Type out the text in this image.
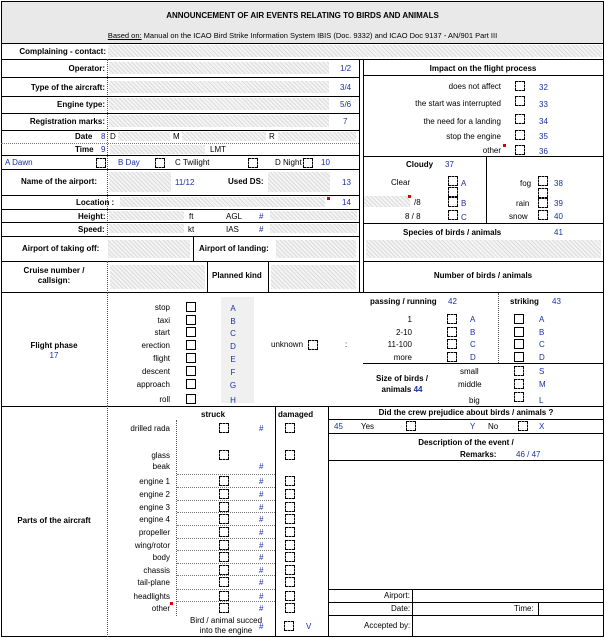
ANNOUNCEMENT OF AIR EVENTS RELATING TO BIRDS AND ANIMALS
Based on: Manual on the ICAO Bird Strike Information System IBIS (Doc. 9332) and ICAO Doc 9137 - AN/901 Part III
Complaining - contact:
Operator:	1/2
Type of the aircraft:	3/4
Engine type:	5/6
Registration marks:	7
Date 8 D	M	R
Time 9	LMT
A Dawn	B Day	C Twilight	D Night 10
Name of the airport:	11/12	Used DS:	13
Location :	14
Height:	ft	AGL #
Speed:	kt	IAS	#
Airport of taking off:	Airport of landing:
Cruise number /
callsign:
Planned kind
Impact on the flight process
does not affect	32
the start was interrupted	33
the need for a landing	34
stop the engine	35
other	36
Cloudy 37
Clear	A
/8	B
8 / 8	C
fog	38
rain	39
snow	40
Species of birds / animals	41
Number of birds / animals
Flight phase
17
stop	A
taxi	B
start	C
erection	D
flight	E
descent	F
approach	G
roll	H
unknown	:
passing / running 42	striking 43
1	A	A
2-10	B	B
11-100	C	C
more	D	D
Size of birds /
animals 44
small	S
middle	M
big	L
Parts of the aircraft
struck	damaged
drilled rada	#
glass
beak	#
engine 1	#
engine 2	#
engine 3	#
engine 4	#
propeller	#
wing/rotor	#
body	#
chassis	#
tail-plane	#
headlights	#
other	#
Bird / animal succed
into the engine #	V
Did the crew prejudice about birds / animals ?
45 Yes	Y No	X
Description of the event /
Remarks: 46 / 47
Airport:
Date:	Time:
Accepted by:
